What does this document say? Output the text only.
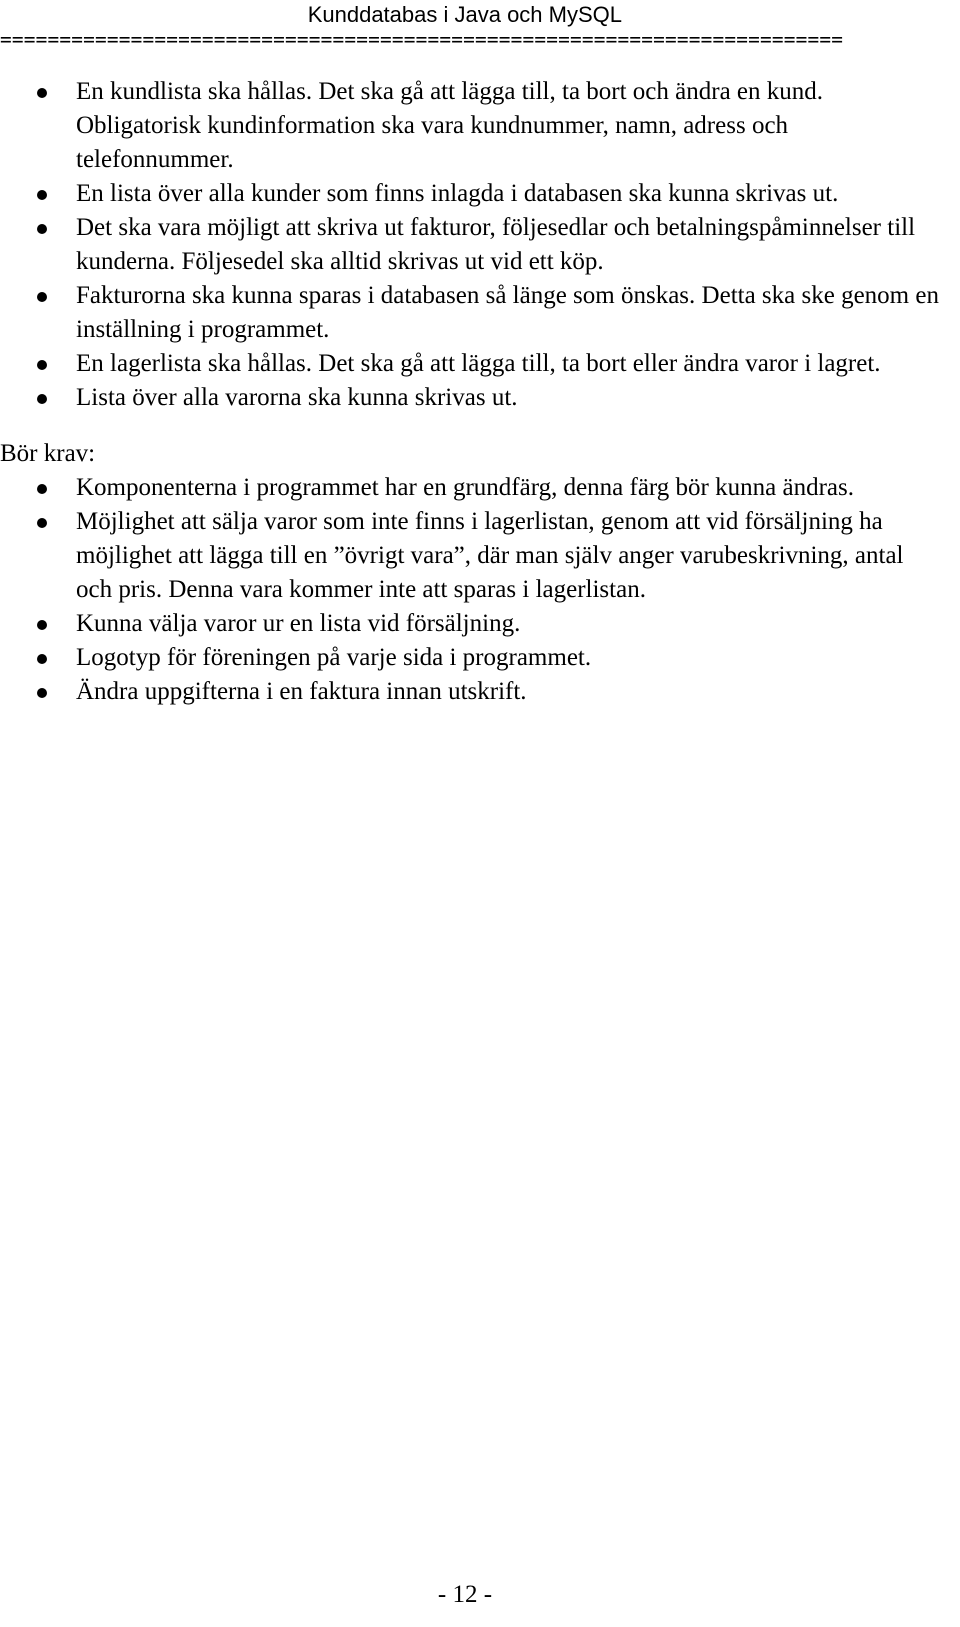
Kunddatabas i Java och MySQL
=======================================================================
En kundlista ska hållas. Det ska gå att lägga till, ta bort och ändra en kund. Obligatorisk kundinformation ska vara kundnummer, namn, adress och telefonnummer.
En lista över alla kunder som finns inlagda i databasen ska kunna skrivas ut.
Det ska vara möjligt att skriva ut fakturor, följesedlar och betalningspåminnelser till kunderna. Följesedel ska alltid skrivas ut vid ett köp.
Fakturorna ska kunna sparas i databasen så länge som önskas. Detta ska ske genom en inställning i programmet.
En lagerlista ska hållas. Det ska gå att lägga till, ta bort eller ändra varor i lagret.
Lista över alla varorna ska kunna skrivas ut.
Bör krav:
Komponenterna i programmet har en grundfärg, denna färg bör kunna ändras.
Möjlighet att sälja varor som inte finns i lagerlistan, genom att vid försäljning ha möjlighet att lägga till en ”övrigt vara”, där man själv anger varubeskrivning, antal och pris. Denna vara kommer inte att sparas i lagerlistan.
Kunna välja varor ur en lista vid försäljning.
Logotyp för föreningen på varje sida i programmet.
Ändra uppgifterna i en faktura innan utskrift.
- 12 -
